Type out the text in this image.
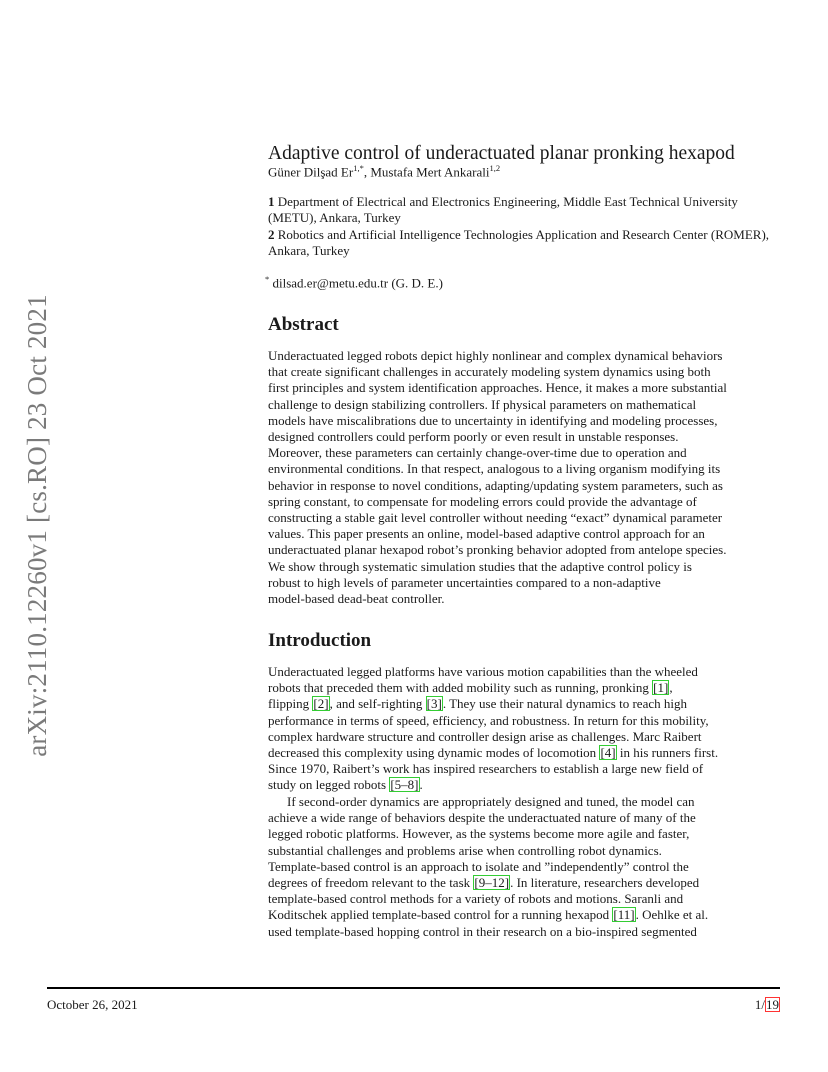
arXiv:2110.12260v1 [cs.RO] 23 Oct 2021
Adaptive control of underactuated planar pronking hexapod
Güner Dilşad $Er^{1,*}$, Mustafa Mert Ankarali$^{1,2}$
1 Department of Electrical and Electronics Engineering, Middle East Technical University (METU), Ankara, Turkey
2 Robotics and Artificial Intelligence Technologies Application and Research Center (ROMER), Ankara, Turkey
* dilsad.er@metu.edu.tr (G. D. E.)
Abstract

Underactuated legged robots depict highly nonlinear and complex dynamical behaviors
that create significant challenges in accurately modeling system dynamics using both
first principles and system identification approaches. Hence, it makes a more substantial
challenge to design stabilizing controllers. If physical parameters on mathematical
models have miscalibrations due to uncertainty in identifying and modeling processes,
designed controllers could perform poorly or even result in unstable responses.
Moreover, these parameters can certainly change-over-time due to operation and
environmental conditions. In that respect, analogous to a living organism modifying its
behavior in response to novel conditions, adapting/updating system parameters, such as
spring constant, to compensate for modeling errors could provide the advantage of
constructing a stable gait level controller without needing “exact” dynamical parameter
values. This paper presents an online, model-based adaptive control approach for an
underactuated planar hexapod robot’s pronking behavior adopted from antelope species.
We show through systematic simulation studies that the adaptive control policy is
robust to high levels of parameter uncertainties compared to a non-adaptive
model-based dead-beat controller.

Introduction

Underactuated legged platforms have various motion capabilities than the wheeled
robots that preceded them with added mobility such as running, pronking [1],
flipping [2], and self-righting [3]. They use their natural dynamics to reach high
performance in terms of speed, efficiency, and robustness. In return for this mobility,
complex hardware structure and controller design arise as challenges. Marc Raibert
decreased this complexity using dynamic modes of locomotion [4] in his runners first.
Since 1970, Raibert’s work has inspired researchers to establish a large new field of
study on legged robots [5–8].

If second-order dynamics are appropriately designed and tuned, the model can
achieve a wide range of behaviors despite the underactuated nature of many of the
legged robotic platforms. However, as the systems become more agile and faster,
substantial challenges and problems arise when controlling robot dynamics.
Template-based control is an approach to isolate and ”independently” control the
degrees of freedom relevant to the task [9–12]. In literature, researchers developed
template-based control methods for a variety of robots and motions. Saranli and
Koditschek applied template-based control for a running hexapod [11]. Oehlke et al.
used template-based hopping control in their research on a bio-inspired segmented

October 26, 2021	1/19
